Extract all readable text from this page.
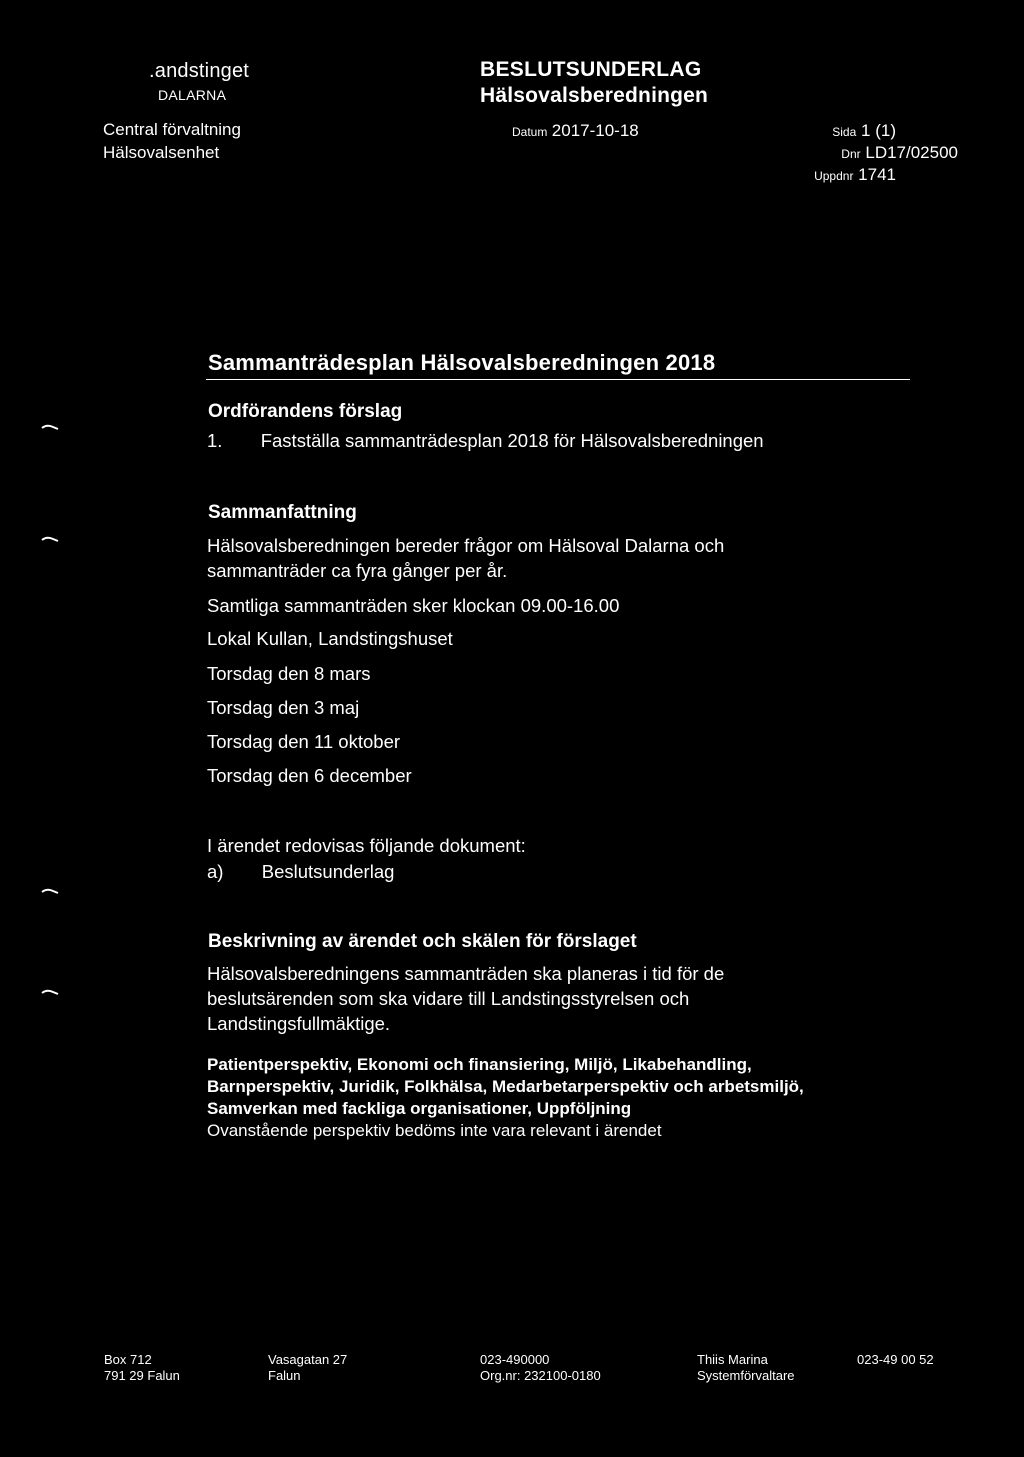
.andstinget
DALARNA
Central förvaltning
Hälsovalsenhet
BESLUTSUNDERLAG
Hälsovalsberedningen
Datum 2017-10-18	Sida 1 (1)
Dnr LD17/02500
Uppdnr 1741
Sammanträdesplan Hälsovalsberedningen 2018
Ordförandens förslag
1. Fastställa sammanträdesplan 2018 för Hälsovalsberedningen
Sammanfattning
Hälsovalsberedningen bereder frågor om Hälsoval Dalarna och
sammanträder ca fyra gånger per år.
Samtliga sammanträden sker klockan 09.00-16.00
Lokal Kullan, Landstingshuset
Torsdag den 8 mars
Torsdag den 3 maj
Torsdag den 11 oktober
Torsdag den 6 december
I ärendet redovisas följande dokument:
a) Beslutsunderlag
Beskrivning av ärendet och skälen för förslaget
Hälsovalsberedningens sammanträden ska planeras i tid för de
beslutsärenden som ska vidare till Landstingsstyrelsen och
Landstingsfullmäktige.
Patientperspektiv, Ekonomi och finansiering, Miljö, Likabehandling,
Barnperspektiv, Juridik, Folkhälsa, Medarbetarperspektiv och arbetsmiljö,
Samverkan med fackliga organisationer, Uppföljning
Ovanstående perspektiv bedöms inte vara relevant i ärendet
Box 712
791 29 Falun
Vasagatan 27
Falun
023-490000
Org.nr: 232100-0180
Thiis Marina
Systemförvaltare
023-49 00 52
